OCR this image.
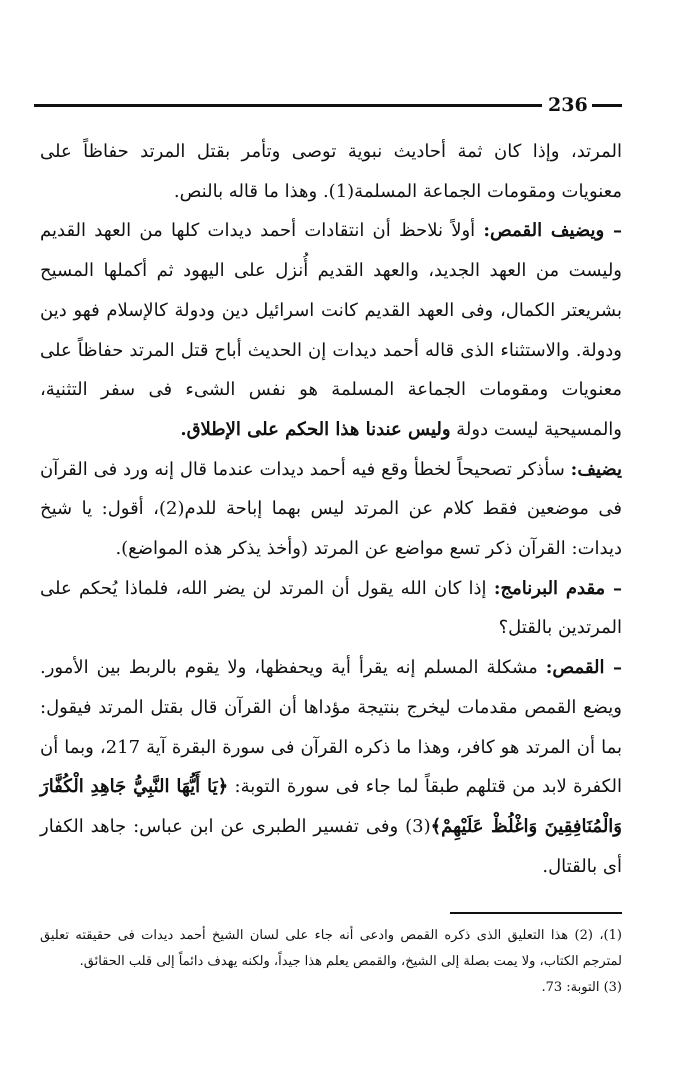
236

المرتد، وإذا كان ثمة أحاديث نبوية توصى وتأمر بقتل المرتد حفاظاً على معنويات ومقومات الجماعة المسلمة(1). وهذا ما قاله بالنص.

– ويضيف القمص: أولاً نلاحظ أن انتقادات أحمد ديدات كلها من العهد القديم وليست من العهد الجديد، والعهد القديم أُنزل على اليهود ثم أكملها المسيح بشريعتر الكمال، وفى العهد القديم كانت اسرائيل دين ودولة كالإسلام فهو دين ودولة. والاستثناء الذى قاله أحمد ديدات إن الحديث أباح قتل المرتد حفاظاً على معنويات ومقومات الجماعة المسلمة هو نفس الشىء فى سفر التثنية، والمسيحية ليست دولة وليس عندنا هذا الحكم على الإطلاق.

يضيف: سأذكر تصحيحاً لخطأ وقع فيه أحمد ديدات عندما قال إنه ورد فى القرآن فى موضعين فقط كلام عن المرتد ليس بهما إباحة للدم(2)، أقول: يا شيخ ديدات: القرآن ذكر تسع مواضع عن المرتد (وأخذ يذكر هذه المواضع).

– مقدم البرنامج: إذا كان الله يقول أن المرتد لن يضر الله، فلماذا يُحكم على المرتدين بالقتل؟

– القمص: مشكلة المسلم إنه يقرأ أية ويحفظها، ولا يقوم بالربط بين الأمور. ويضع القمص مقدمات ليخرج بنتيجة مؤداها أن القرآن قال بقتل المرتد فيقول: بما أن المرتد هو كافر، وهذا ما ذكره القرآن فى سورة البقرة آية 217، وبما أن الكفرة لابد من قتلهم طبقاً لما جاء فى سورة التوبة: ﴿يَا أَيُّهَا النَّبِيُّ جَاهِدِ الْكُفَّارَ وَالْمُنَافِقِينَ وَاغْلُظْ عَلَيْهِمْ﴾(3) وفى تفسير الطبرى عن ابن عباس: جاهد الكفار أى بالقتال.

(1)، (2) هذا التعليق الذى ذكره القمص وادعى أنه جاء على لسان الشيخ أحمد ديدات فى حقيقته تعليق لمترجم الكتاب، ولا يمت بصلة إلى الشيخ، والقمص يعلم هذا جيداً، ولكنه يهدف دائماً إلى قلب الحقائق.

(3) التوبة: 73.
